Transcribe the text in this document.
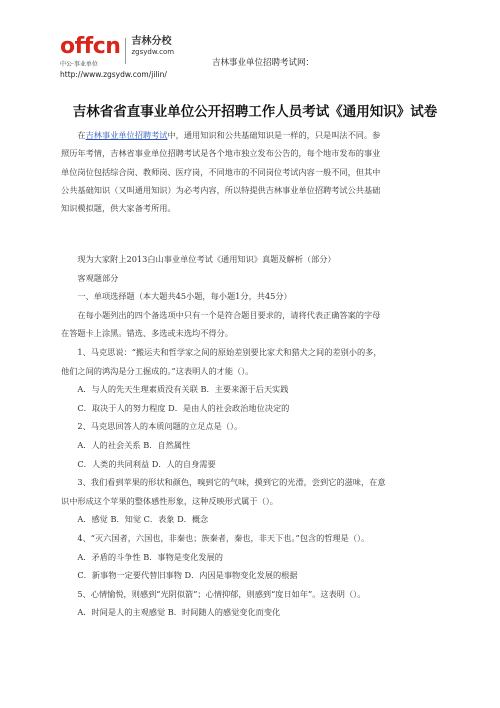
offcn
中公·事业单位
吉林分校
zgsydw.com
吉林事业单位招聘考试网：
http://www.zgsydw.com/jilin/
吉林省省直事业单位公开招聘工作人员考试《通用知识》试卷
在吉林事业单位招聘考试中，通用知识和公共基础知识是一样的，只是叫法不同。参
照历年考情，吉林省事业单位招聘考试是各个地市独立发布公告的，每个地市发布的事业
单位岗位包括综合岗、教师岗、医疗岗，不同地市的不同岗位考试内容一般不同，但其中
公共基础知识（又叫通用知识）为必考内容，所以特提供吉林事业单位招聘考试公共基础
知识模拟题，供大家备考所用。
现为大家附上2013白山事业单位考试《通用知识》真题及解析（部分）
客观题部分
一、单项选择题（本大题共45小题，每小题1分，共45分）
在每小题列出的四个备选项中只有一个是符合题目要求的，请将代表正确答案的字母
在答题卡上涂黑。错选、多选或未选均不得分。
1、马克思说：“搬运夫和哲学家之间的原始差别要比家犬和猎犬之间的差别小的多，
他们之间的鸿沟是分工掘成的。”这表明人的才能（）。
A．与人的先天生理素质没有关联 B．主要来源于后天实践
C．取决于人的努力程度 D．是由人的社会政治地位决定的
2、马克思回答人的本质问题的立足点是（）。
A．人的社会关系 B．自然属性
C．人类的共同利益 D．人的自身需要
3、我们看到苹果的形状和颜色，嗅到它的气味，摸到它的光滑，尝到它的滋味，在意
识中形成这个苹果的整体感性形象，这种反映形式属于（）。
A．感觉 B．知觉 C．表象 D．概念
4、“灭六国者，六国也，非秦也；族秦者，秦也，非天下也。”包含的哲理是（）。
A．矛盾的斗争性 B．事物是变化发展的
C．新事物一定要代替旧事物 D．内因是事物变化发展的根据
5、心情愉悦，则感到“光阴似箭”；心情抑郁，则感到“度日如年”。这表明（）。
A．时间是人的主观感觉 B．时间随人的感觉变化而变化
